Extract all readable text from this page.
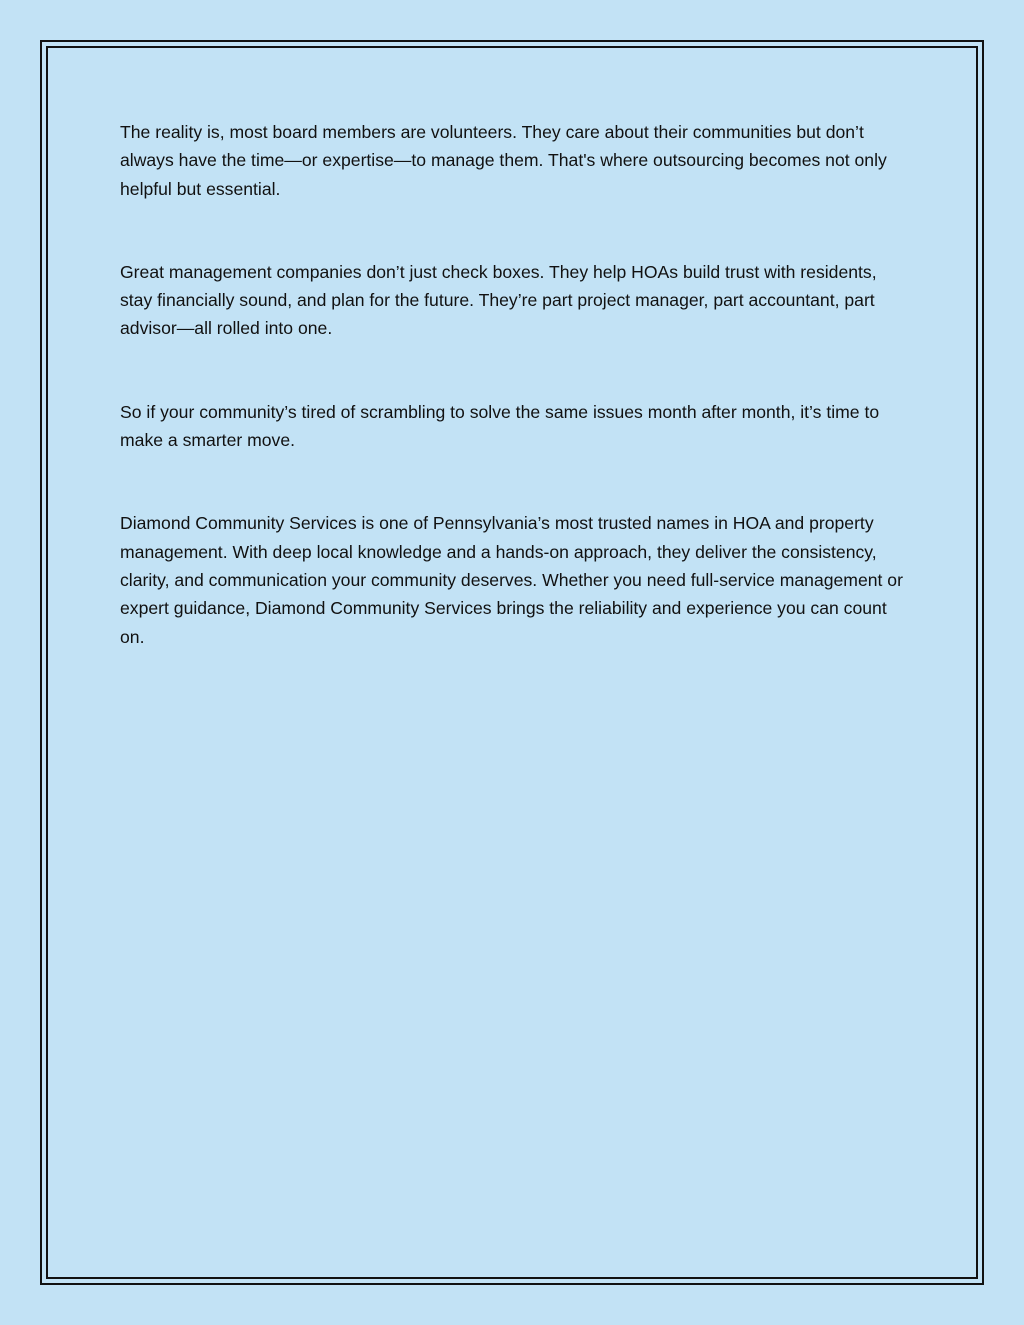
The reality is, most board members are volunteers. They care about their communities but don’t always have the time—or expertise—to manage them. That's where outsourcing becomes not only helpful but essential.

Great management companies don’t just check boxes. They help HOAs build trust with residents, stay financially sound, and plan for the future. They’re part project manager, part accountant, part advisor—all rolled into one.

So if your community’s tired of scrambling to solve the same issues month after month, it’s time to make a smarter move.

Diamond Community Services is one of Pennsylvania’s most trusted names in HOA and property management. With deep local knowledge and a hands-on approach, they deliver the consistency, clarity, and communication your community deserves. Whether you need full-service management or expert guidance, Diamond Community Services brings the reliability and experience you can count on.
